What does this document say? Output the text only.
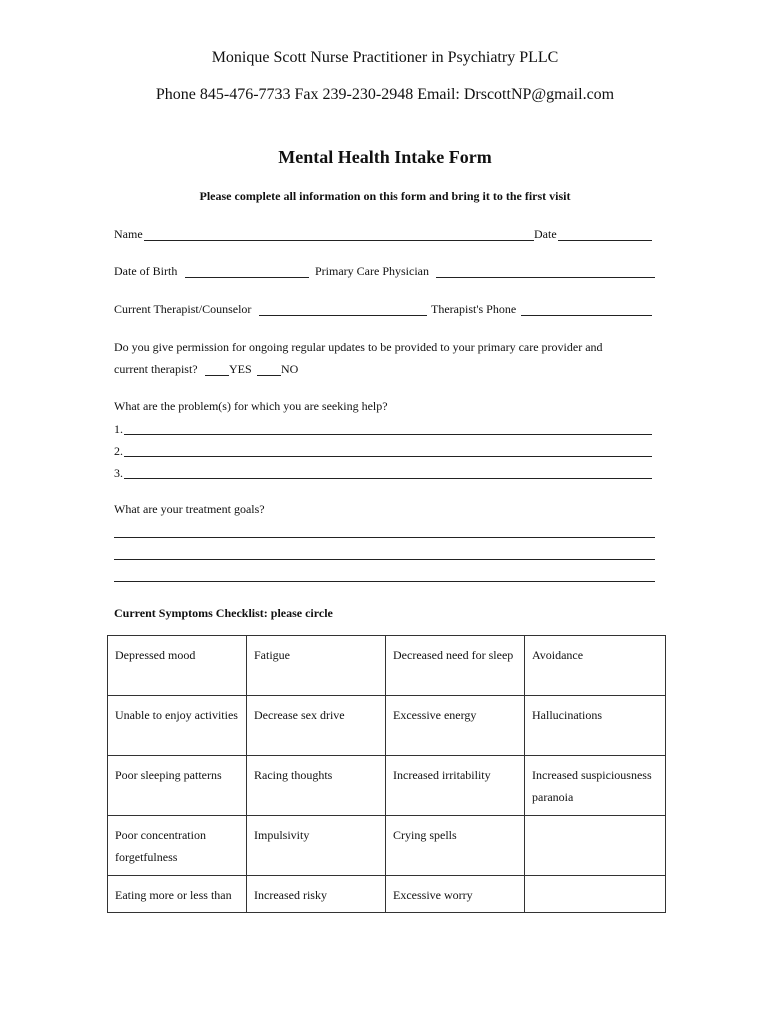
Monique Scott Nurse Practitioner in Psychiatry PLLC
Phone 845-476-7733 Fax 239-230-2948 Email: DrscottNP@gmail.com
Mental Health Intake Form
Please complete all information on this form and bring it to the first visit
Name	Date
Date of Birth	Primary Care Physician
Current Therapist/Counselor	Therapist's Phone
Do you give permission for ongoing regular updates to be provided to your primary care provider and
current therapist?	YES NO
What are the problem(s) for which you are seeking help?
1.
2.
3.
What are your treatment goals?
Current Symptoms Checklist: please circle
Depressed mood	Fatigue	Decreased need for sleep	Avoidance

Unable to enjoy activities	Decrease sex drive	Excessive energy	Hallucinations

Poor sleeping patterns	Racing thoughts	Increased irritability	Increased suspiciousness paranoia

Poor concentration forgetfulness	Impulsivity	Crying spells	

Eating more or less than	Increased risky	Excessive worry	
